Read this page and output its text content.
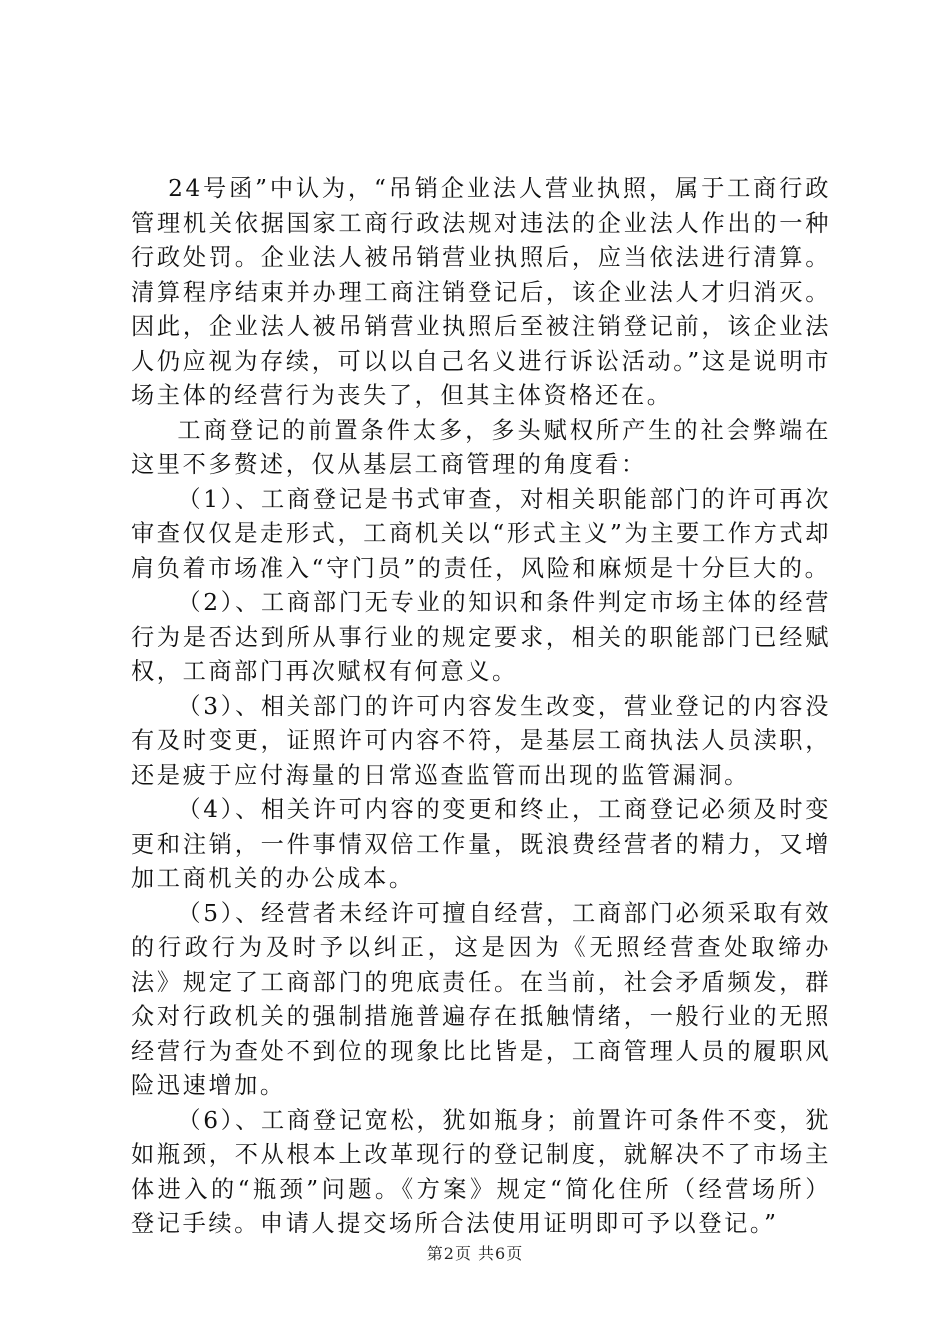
24号函”中认为，“吊销企业法人营业执照，属于工商行政管理机关依据国家工商行政法规对违法的企业法人作出的一种行政处罚。企业法人被吊销营业执照后，应当依法进行清算。清算程序结束并办理工商注销登记后，该企业法人才归消灭。因此，企业法人被吊销营业执照后至被注销登记前，该企业法人仍应视为存续，可以以自己名义进行诉讼活动。”这是说明市场主体的经营行为丧失了，但其主体资格还在。

工商登记的前置条件太多，多头赋权所产生的社会弊端在这里不多赘述，仅从基层工商管理的角度看：

（1）、工商登记是书式审查，对相关职能部门的许可再次审查仅仅是走形式，工商机关以“形式主义”为主要工作方式却肩负着市场准入“守门员”的责任，风险和麻烦是十分巨大的。

（2）、工商部门无专业的知识和条件判定市场主体的经营行为是否达到所从事行业的规定要求，相关的职能部门已经赋权，工商部门再次赋权有何意义。

（3）、相关部门的许可内容发生改变，营业登记的内容没有及时变更，证照许可内容不符，是基层工商执法人员渎职，还是疲于应付海量的日常巡查监管而出现的监管漏洞。

（4）、相关许可内容的变更和终止，工商登记必须及时变更和注销，一件事情双倍工作量，既浪费经营者的精力，又增加工商机关的办公成本。

（5）、经营者未经许可擅自经营，工商部门必须采取有效的行政行为及时予以纠正，这是因为《无照经营查处取缔办法》规定了工商部门的兜底责任。在当前，社会矛盾频发，群众对行政机关的强制措施普遍存在抵触情绪，一般行业的无照经营行为查处不到位的现象比比皆是，工商管理人员的履职风险迅速增加。

（6）、工商登记宽松，犹如瓶身；前置许可条件不变，犹如瓶颈，不从根本上改革现行的登记制度，就解决不了市场主体进入的“瓶颈”问题。《方案》规定“简化住所（经营场所）登记手续。申请人提交场所合法使用证明即可予以登记。”

第2页 共6页
